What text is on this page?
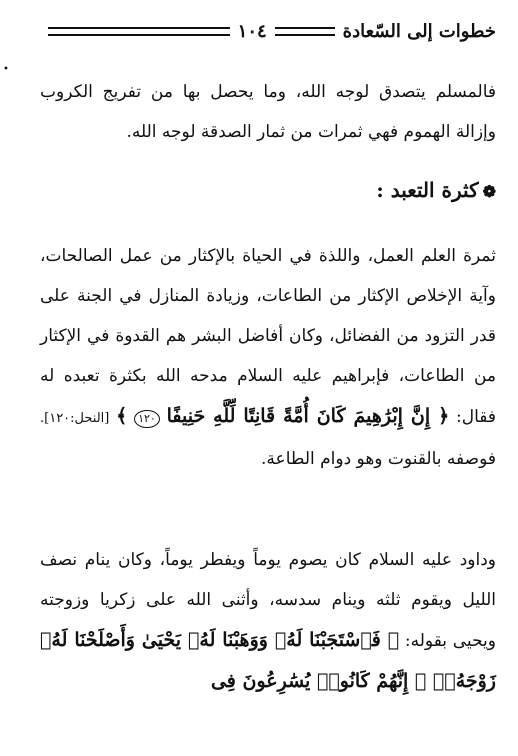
•
خطوات إلى السّعادة
١٠٤
فالمسلم يتصدق لوجه الله، وما يحصل بها من تفريج الكروب وإزالة الهموم فهي ثمرات من ثمار الصدقة لوجه الله.
❁كثرة التعبد :
ثمرة العلم العمل، واللذة في الحياة بالإكثار من عمل الصالحات، وآية الإخلاص الإكثار من الطاعات، وزيادة المنازل في الجنة على قدر التزود من الفضائل، وكان أفاضل البشر هم القدوة في الإكثار من الطاعات، فإبراهيم عليه السلام مدحه الله بكثرة تعبده له فقال: ﴿ إِنَّ إِبْرَٰهِيمَ كَانَ أُمَّةً قَانِتًا لِّلَّهِ حَنِيفًا ١٢٠ ﴾ [النحل:١٢٠]. فوصفه بالقنوت وهو دوام الطاعة.
وداود عليه السلام كان يصوم يوماً ويفطر يوماً، وكان ينام نصف الليل ويقوم ثلثه وينام سدسه، وأثنى الله على زكريا وزوجته ويحيى بقوله: ﴿ فَٱسْتَجَبْنَا لَهُۥ وَوَهَبْنَا لَهُۥ يَحْيَىٰ وَأَصْلَحْنَا لَهُۥ زَوْجَهُۥٓ ۚ إِنَّهُمْ كَانُوا۟ يُسَٰرِعُونَ فِى
